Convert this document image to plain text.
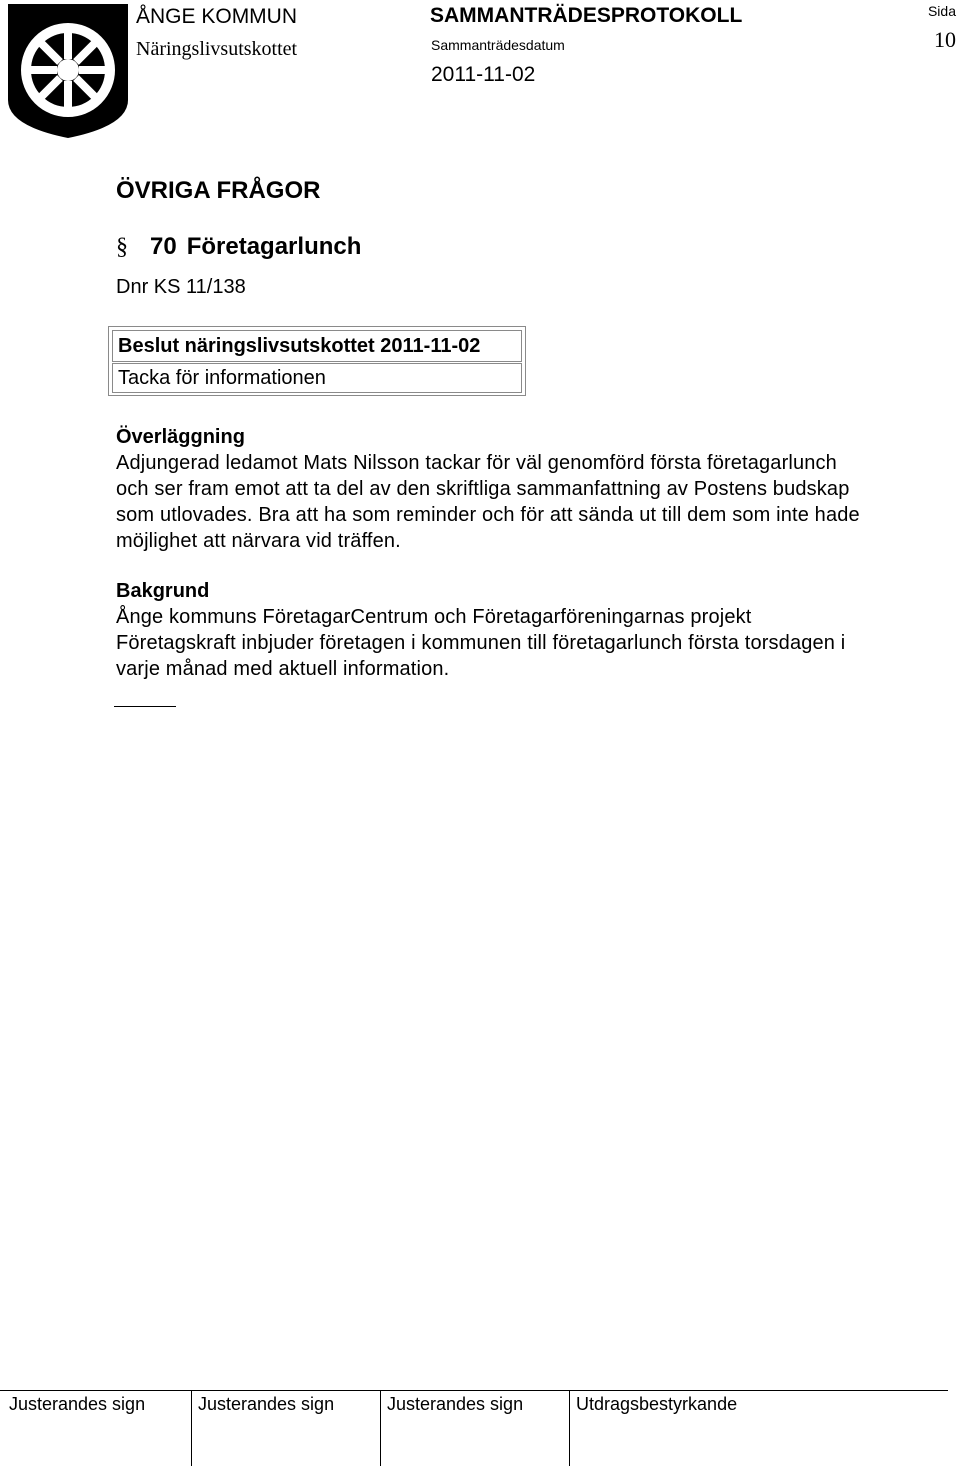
ÅNGE KOMMUN
Näringslivsutskottet
SAMMANTRÄDESPROTOKOLL
Sammanträdesdatum
2011-11-02
Sida
10
ÖVRIGA FRÅGOR
§ 70 Företagarlunch
Dnr KS 11/138
Beslut näringslivsutskottet 2011-11-02
Tacka för informationen
Överläggning
Adjungerad ledamot Mats Nilsson tackar för väl genomförd första företagarlunch
och ser fram emot att ta del av den skriftliga sammanfattning av Postens budskap
som utlovades. Bra att ha som reminder och för att sända ut till dem som inte hade
möjlighet att närvara vid träffen.
Bakgrund
Ånge kommuns FöretagarCentrum och Företagarföreningarnas projekt
Företagskraft inbjuder företagen i kommunen till företagarlunch första torsdagen i
varje månad med aktuell information.
Justerandes sign	Justerandes sign	Justerandes sign	Utdragsbestyrkande
